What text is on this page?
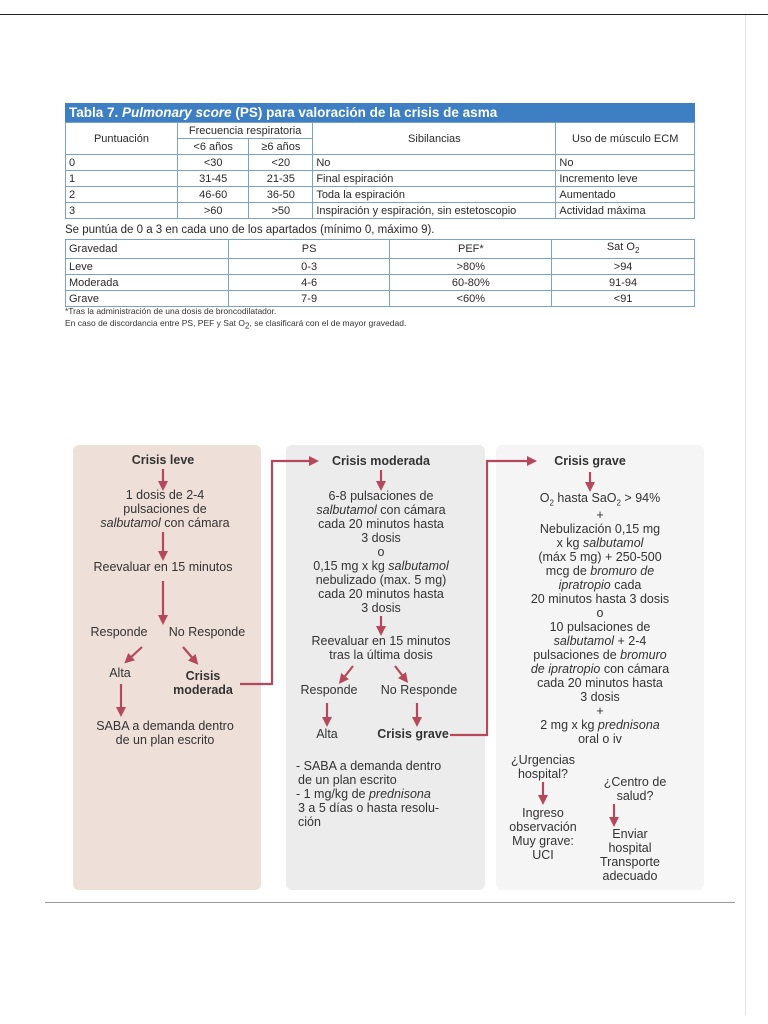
Tabla 7. Pulmonary score (PS) para valoración de la crisis de asma
Puntuación	Frecuencia respiratoria		Sibilancias	Uso de músculo ECM
	<6 años	≥6 años		
0	<30	<20	No	No
1	31-45	21-35	Final espiración	Incremento leve
2	46-60	36-50	Toda la espiración	Aumentado
3	>60	>50	Inspiración y espiración, sin estetoscopio	Actividad máxima
Se puntúa de 0 a 3 en cada uno de los apartados (mínimo 0, máximo 9).
Gravedad	PS	PEF*	Sat $O_2$
Leve	0-3	>80%	>94
Moderada	4-6	60-80%	91-94
Grave	7-9	<60%	<91
*Tras la administración de una dosis de broncodilatador.
En caso de discordancia entre PS, PEF y Sat $O_2$, se clasificará con el de mayor gravedad.
Crisis leve
1 dosis de 2-4
pulsaciones de
salbutamol con cámara
Reevaluar en 15 minutos
Responde	No Responde
Alta	Crisis
moderada
SABA a demanda dentro
de un plan escrito
Crisis moderada
6-8 pulsaciones de
salbutamol con cámara
cada 20 minutos hasta
3 dosis
o
0,15 mg x kg salbutamol
nebulizado (max. 5 mg)
cada 20 minutos hasta
3 dosis
Reevaluar en 15 minutos
tras la última dosis
Responde	No Responde
Alta	Crisis grave
- SABA a demanda dentro
de un plan escrito
- 1 mg/kg de prednisona
3 a 5 días o hasta resolu-
ción
Crisis grave
$O_2$ hasta SaO$_2$ > 94%
+
Nebulización 0,15 mg
x kg salbutamol
(máx 5 mg) + 250-500
mcg de bromuro de
ipratropio cada
20 minutos hasta 3 dosis
o
10 pulsaciones de
salbutamol + 2-4
pulsaciones de bromuro
de ipratropio con cámara
cada 20 minutos hasta
3 dosis
+
2 mg x kg prednisona
oral o iv
¿Urgencias
hospital?
¿Centro de
salud?
Ingreso
observación
Muy grave:
UCI
Enviar
hospital
Transporte
adecuado
